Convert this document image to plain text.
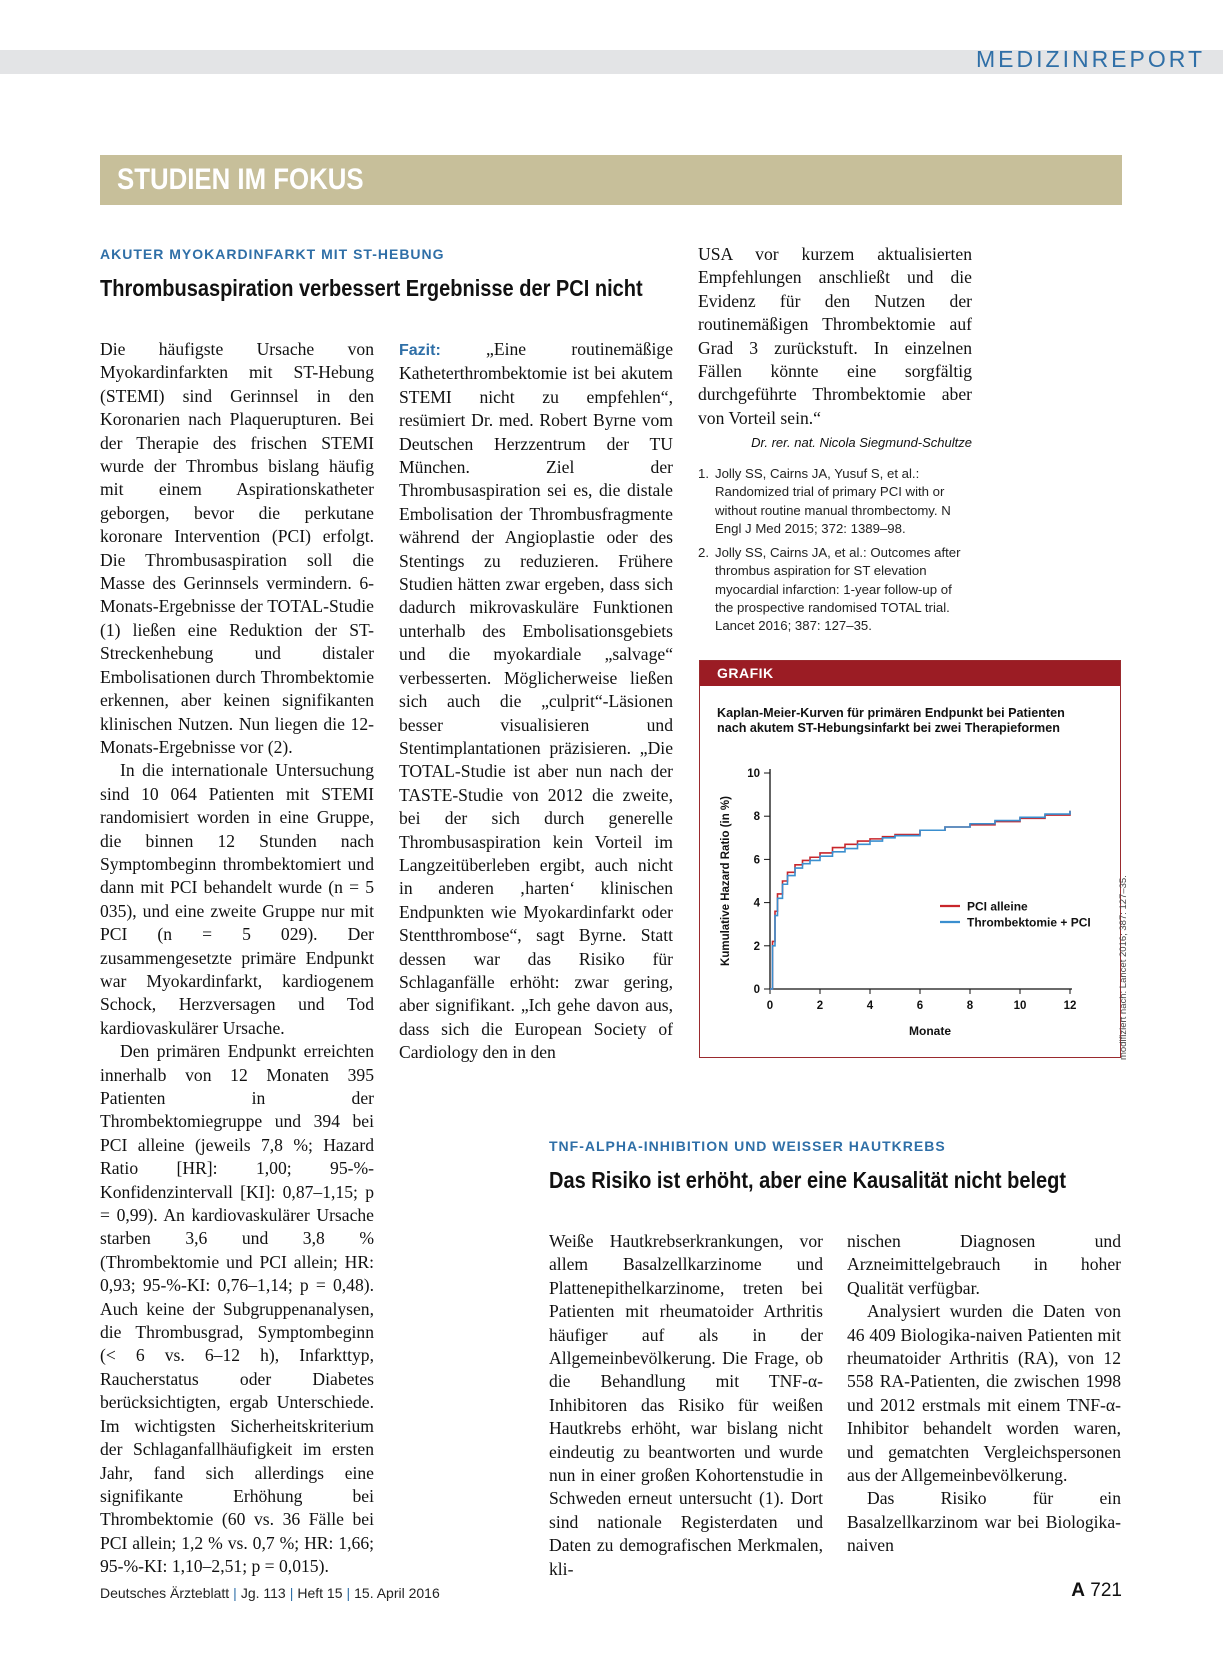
MEDIZINREPORT
STUDIEN IM FOKUS
AKUTER MYOKARDINFARKT MIT ST-HEBUNG
Thrombusaspiration verbessert Ergebnisse der PCI nicht

Die häufigste Ursache von Myokardinfarkten mit ST-Hebung (STEMI) sind Gerinnsel in den Koronarien nach Plaquerupturen. Bei der Therapie des frischen STEMI wurde der Thrombus bislang häufig mit einem Aspirationskatheter geborgen, bevor die perkutane koronare Intervention (PCI) erfolgt. Die Thrombusaspiration soll die Masse des Gerinnsels vermindern. 6-Monats-Ergebnisse der TOTAL-Studie (1) ließen eine Reduktion der ST-Streckenhebung und distaler Embolisationen durch Thrombektomie erkennen, aber keinen signifikanten klinischen Nutzen. Nun liegen die 12-Monats-Ergebnisse vor (2).

In die internationale Untersuchung sind 10 064 Patienten mit STEMI randomisiert worden in eine Gruppe, die binnen 12 Stunden nach Symptombeginn thrombektomiert und dann mit PCI behandelt wurde (n = 5 035), und eine zweite Gruppe nur mit PCI (n = 5 029). Der zusammengesetzte primäre Endpunkt war Myokardinfarkt, kardiogenem Schock, Herzversagen und Tod kardiovaskulärer Ursache.

Den primären Endpunkt erreichten innerhalb von 12 Monaten 395 Patienten in der Thrombektomiegruppe und 394 bei PCI alleine (jeweils 7,8 %; Hazard Ratio [HR]: 1,00; 95-%-Konfidenzintervall [KI]: 0,87–1,15; p = 0,99). An kardiovaskulärer Ursache starben 3,6 und 3,8 % (Thrombektomie und PCI allein; HR: 0,93; 95-%-KI: 0,76–1,14; p = 0,48). Auch keine der Subgruppenanalysen, die Thrombusgrad, Symptombeginn (< 6 vs. 6–12 h), Infarkttyp, Raucherstatus oder Diabetes berücksichtigten, ergab Unterschiede. Im wichtigsten Sicherheitskriterium der Schlaganfallhäufigkeit im ersten Jahr, fand sich allerdings eine signifikante Erhöhung bei Thrombektomie (60 vs. 36 Fälle bei PCI allein; 1,2 % vs. 0,7 %; HR: 1,66; 95-%-KI: 1,10–2,51; p = 0,015).

Fazit: „Eine routinemäßige Katheterthrombektomie ist bei akutem STEMI nicht zu empfehlen“, resümiert Dr. med. Robert Byrne vom Deutschen Herzzentrum der TU München. Ziel der Thrombusaspiration sei es, die distale Embolisation der Thrombusfragmente während der Angioplastie oder des Stentings zu reduzieren. Frühere Studien hätten zwar ergeben, dass sich dadurch mikrovaskuläre Funktionen unterhalb des Embolisationsgebiets und die myokardiale „salvage“ verbesserten. Möglicherweise ließen sich auch die „culprit“-Läsionen besser visualisieren und Stentimplantationen präzisieren. „Die TOTAL-Studie ist aber nun nach der TASTE-Studie von 2012 die zweite, bei der sich durch generelle Thrombusaspiration kein Vorteil im Langzeitüberleben ergibt, auch nicht in anderen ‚harten‘ klinischen Endpunkten wie Myokardinfarkt oder Stentthrombose“, sagt Byrne. Statt dessen war das Risiko für Schlaganfälle erhöht: zwar gering, aber signifikant. „Ich gehe davon aus, dass sich die European Society of Cardiology den in den

USA vor kurzem aktualisierten Empfehlungen anschließt und die Evidenz für den Nutzen der routinemäßigen Thrombektomie auf Grad 3 zurückstuft. In einzelnen Fällen könnte eine sorgfältig durchgeführte Thrombektomie aber von Vorteil sein.“

Dr. rer. nat. Nicola Siegmund-Schultze
1. Jolly SS, Cairns JA, Yusuf S, et al.: Randomized trial of primary PCI with or without routine manual thrombectomy. N Engl J Med 2015; 372: 1389–98.
2. Jolly SS, Cairns JA, et al.: Outcomes after thrombus aspiration for ST elevation myocardial infarction: 1-year follow-up of the prospective randomised TOTAL trial. Lancet 2016; 387: 127–35.
GRAFIK
Kaplan-Meier-Kurven für primären Endpunkt bei Patienten
nach akutem ST-Hebungsinfarkt bei zwei Therapieformen
0
2
4
6
8
10
0	2	4	6	8	10	12
Monate
Kumulative Hazard Ratio (in %)	PCI alleine
Thrombektomie + PCI	modifiziert nach: Lancet 2016; 387: 127–35.
TNF-ALPHA-INHIBITION UND WEISSER HAUTKREBS
Das Risiko ist erhöht, aber eine Kausalität nicht belegt

Weiße Hautkrebserkrankungen, vor allem Basalzellkarzinome und Plattenepithelkarzinome, treten bei Patienten mit rheumatoider Arthritis häufiger auf als in der Allgemeinbevölkerung. Die Frage, ob die Behandlung mit TNF-α-Inhibitoren das Risiko für weißen Hautkrebs erhöht, war bislang nicht eindeutig zu beantworten und wurde nun in einer großen Kohortenstudie in Schweden erneut untersucht (1). Dort sind nationale Registerdaten und Daten zu demografischen Merkmalen, kli-

nischen Diagnosen und Arzneimittelgebrauch in hoher Qualität verfügbar.

Analysiert wurden die Daten von 46 409 Biologika-naiven Patienten mit rheumatoider Arthritis (RA), von 12 558 RA-Patienten, die zwischen 1998 und 2012 erstmals mit einem TNF-α-Inhibitor behandelt worden waren, und gematchten Vergleichspersonen aus der Allgemeinbevölkerung.

Das Risiko für ein Basalzellkarzinom war bei Biologika-naiven

Deutsches Ärzteblatt | Jg. 113 | Heft 15 | 15. April 2016	A 721
